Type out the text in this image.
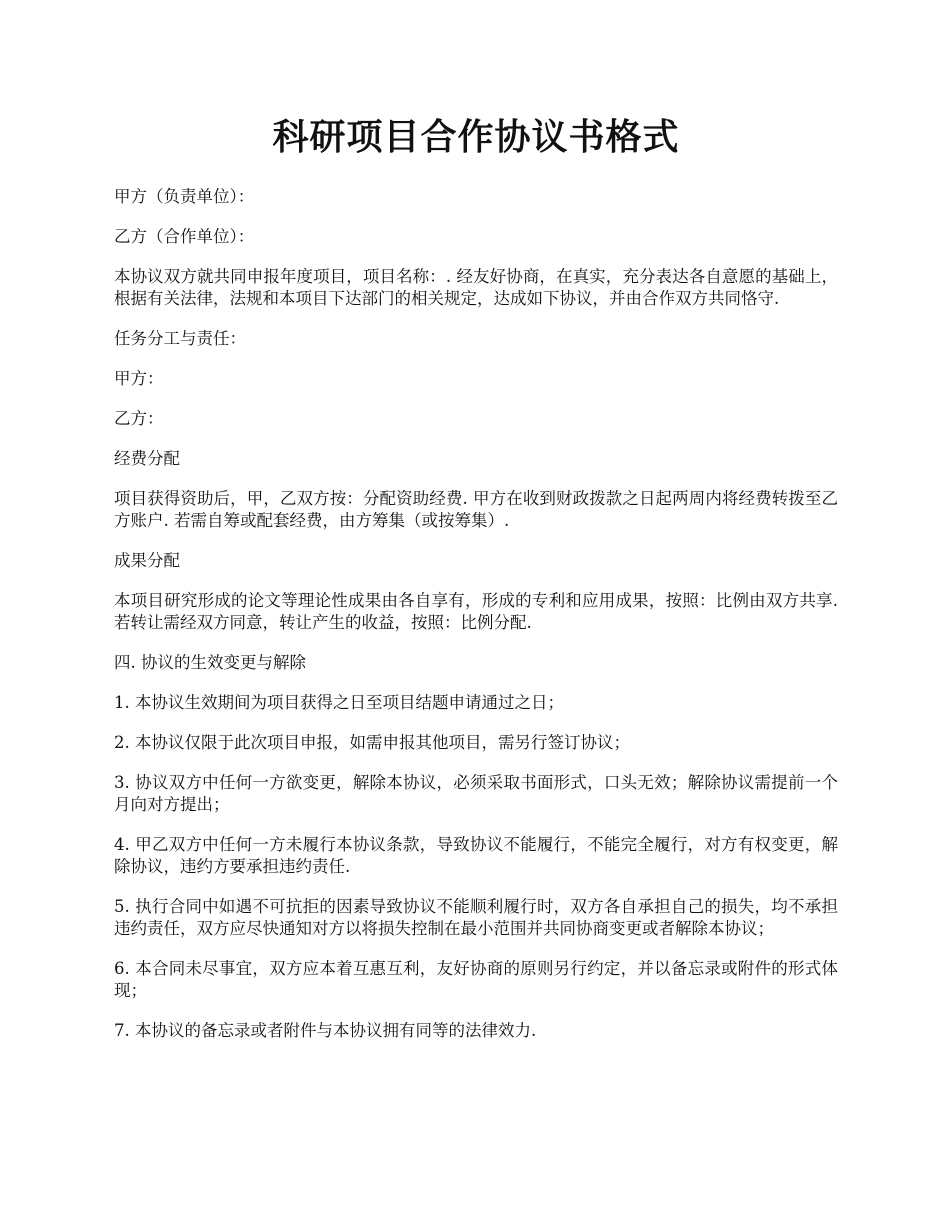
科研项目合作协议书格式

甲方（负责单位）：

乙方（合作单位）：

本协议双方就共同申报年度项目，项目名称：. 经友好协商，在真实，充分表达各自意愿的基础上，根据有关法律，法规和本项目下达部门的相关规定，达成如下协议，并由合作双方共同恪守.

任务分工与责任：

甲方：

乙方：

经费分配

项目获得资助后，甲，乙双方按：分配资助经费. 甲方在收到财政拨款之日起两周内将经费转拨至乙方账户. 若需自筹或配套经费，由方筹集（或按筹集）.

成果分配

本项目研究形成的论文等理论性成果由各自享有，形成的专利和应用成果，按照：比例由双方共享. 若转让需经双方同意，转让产生的收益，按照：比例分配.

四. 协议的生效变更与解除

1. 本协议生效期间为项目获得之日至项目结题申请通过之日；

2. 本协议仅限于此次项目申报，如需申报其他项目，需另行签订协议；

3. 协议双方中任何一方欲变更，解除本协议，必须采取书面形式，口头无效；解除协议需提前一个月向对方提出；

4. 甲乙双方中任何一方未履行本协议条款，导致协议不能履行，不能完全履行，对方有权变更，解除协议，违约方要承担违约责任.

5. 执行合同中如遇不可抗拒的因素导致协议不能顺利履行时，双方各自承担自己的损失，均不承担违约责任，双方应尽快通知对方以将损失控制在最小范围并共同协商变更或者解除本协议；

6. 本合同未尽事宜，双方应本着互惠互利，友好协商的原则另行约定，并以备忘录或附件的形式体现；

7. 本协议的备忘录或者附件与本协议拥有同等的法律效力.
